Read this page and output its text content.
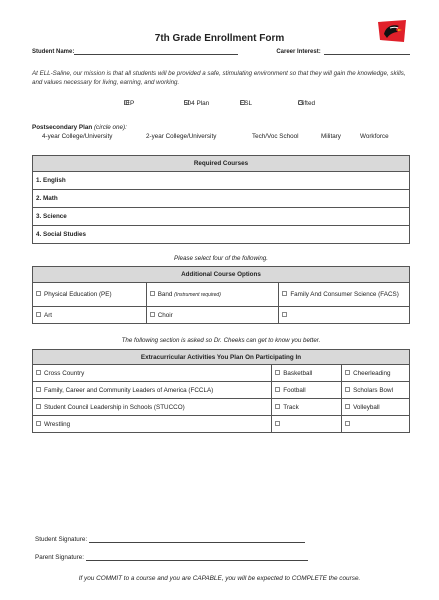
7th Grade Enrollment Form
Student Name:	Career Interest:
At ELL-Saline, our mission is that all students will be provided a safe, stimulating environment so that they will gain the knowledge, skills, and values necessary for living, earning, and working.
IEP	504 Plan	ESL	Gifted
Postsecondary Plan (circle one):
4-year College/University	2-year College/University	Tech/Voc School	Military	Workforce
Required Courses
1. English
2. Math
3. Science
4. Social Studies
Please select four of the following.
Additional Course Options		
Physical Education (PE)	Band (Instrument required)	Family And Consumer Science (FACS)
Art	Choir	
The following section is asked so Dr. Cheeks can get to know you better.
Extracurricular Activities You Plan On Participating In		
Cross Country	Basketball	Cheerleading
Family, Career and Community Leaders of America (FCCLA)	Football	Scholars Bowl
Student Council Leadership in Schools (STUCCO)	Track	Volleyball
Wrestling		
Student Signature:
Parent Signature:
If you COMMIT to a course and you are CAPABLE, you will be expected to COMPLETE the course.
